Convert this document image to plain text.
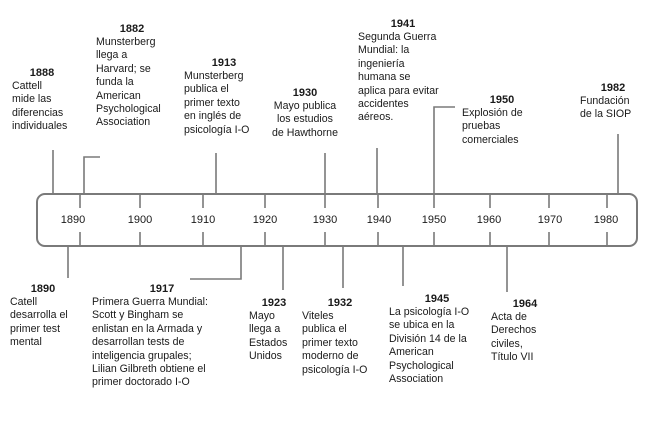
1890	1900	1910	1920	1930	1940	1950	1960	1970	1980
1888
Cattell
mide las
diferencias
individuales
1882
Munsterberg
llega a
Harvard; se
funda la
American
Psychological
Association
1913
Munsterberg
publica el
primer texto
en inglés de
psicología I-O
1930
Mayo publica
los estudios
de Hawthorne
1941
Segunda Guerra
Mundial: la
ingeniería
humana se
aplica para evitar
accidentes
aéreos.
1950
Explosión de
pruebas
comerciales
1982
Fundación
de la SIOP
1890
Catell
desarrolla el
primer test
mental
1917
Primera Guerra Mundial:
Scott y Bingham se
enlistan en la Armada y
desarrollan tests de
inteligencia grupales;
Lilian Gilbreth obtiene el
primer doctorado I-O
1923
Mayo
llega a
Estados
Unidos
1932
Viteles
publica el
primer texto
moderno de
psicología I-O
1945
La psicología I-O
se ubica en la
División 14 de la
American
Psychological
Association
1964
Acta de
Derechos
civiles,
Título VII
